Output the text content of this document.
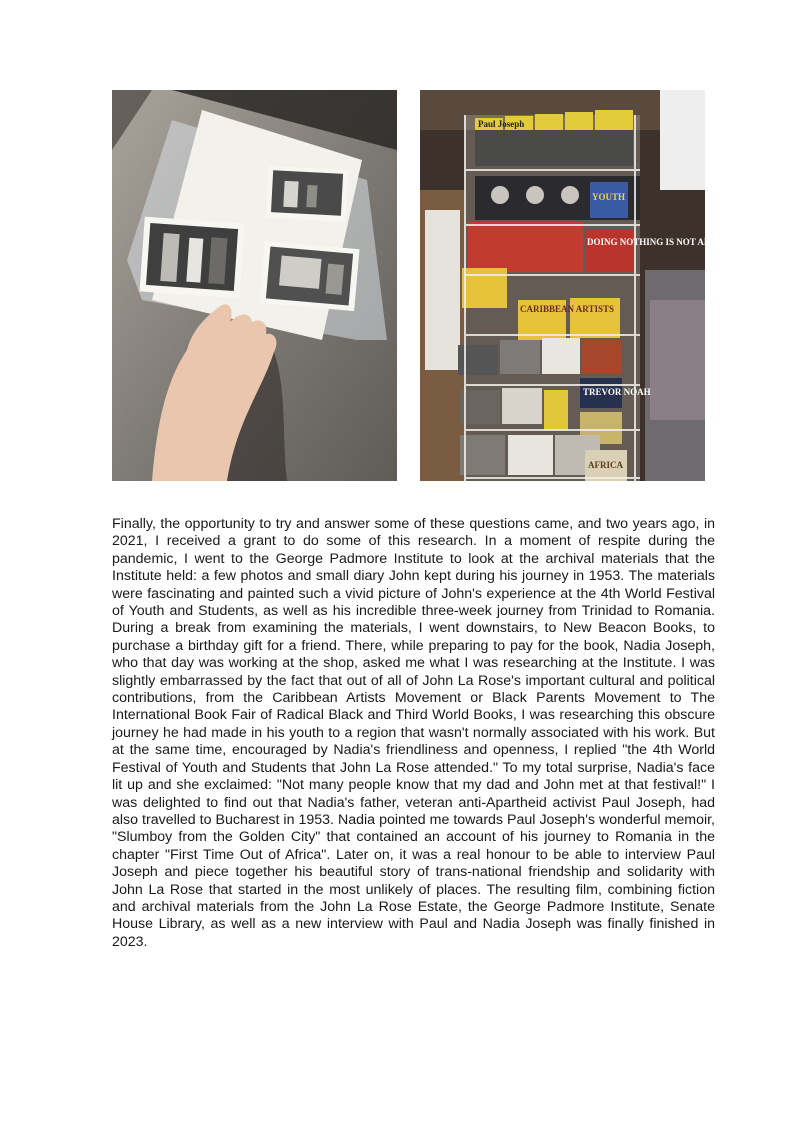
Paul Joseph
YOUTH
DOING NOTHING IS NOT AN OPTION
CARIBBEAN ARTISTS
TREVOR NOAH
AFRICA

Finally, the opportunity to try and answer some of these questions came, and two years ago, in 2021, I received a grant to do some of this research. In a moment of respite during the pandemic, I went to the George Padmore Institute to look at the archival materials that the Institute held: a few photos and small diary John kept during his journey in 1953. The materials were fascinating and painted such a vivid picture of John's experience at the 4th World Festival of Youth and Students, as well as his incredible three-week journey from Trinidad to Romania. During a break from examining the materials, I went downstairs, to New Beacon Books, to purchase a birthday gift for a friend. There, while preparing to pay for the book, Nadia Joseph, who that day was working at the shop, asked me what I was researching at the Institute. I was slightly embarrassed by the fact that out of all of John La Rose's important cultural and political contributions, from the Caribbean Artists Movement or Black Parents Movement to The International Book Fair of Radical Black and Third World Books, I was researching this obscure journey he had made in his youth to a region that wasn't normally associated with his work. But at the same time, encouraged by Nadia's friendliness and openness, I replied "the 4th World Festival of Youth and Students that John La Rose attended." To my total surprise, Nadia's face lit up and she exclaimed: "Not many people know that my dad and John met at that festival!" I was delighted to find out that Nadia's father, veteran anti-Apartheid activist Paul Joseph, had also travelled to Bucharest in 1953. Nadia pointed me towards Paul Joseph's wonderful memoir, "Slumboy from the Golden City" that contained an account of his journey to Romania in the chapter "First Time Out of Africa". Later on, it was a real honour to be able to interview Paul Joseph and piece together his beautiful story of trans-national friendship and solidarity with John La Rose that started in the most unlikely of places. The resulting film, combining fiction and archival materials from the John La Rose Estate, the George Padmore Institute, Senate House Library, as well as a new interview with Paul and Nadia Joseph was finally finished in 2023.
